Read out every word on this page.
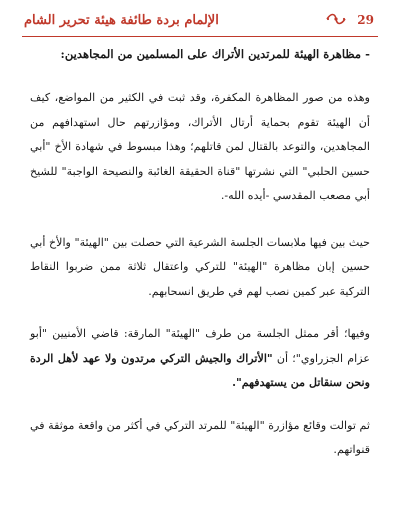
الإلمام بردة طائفة هيئة تحرير الشام	29
- مظاهرة الهيئة للمرتدين الأتراك على المسلمين من المجاهدين:

وهذه من صور المظاهرة المكفرة، وقد ثبت في الكثير من المواضع، كيف أن الهيئة تقوم بحماية أرتال الأتراك، ومؤازرتهم حال استهدافهم من المجاهدين، والتوعد بالقتال لمن قاتلهم؛ وهذا مبسوط في شهادة الأخ "أبي حسين الحلبي" التي نشرتها "قناة الحقيقة الغائبة والنصيحة الواجبة" للشيخ أبي مصعب المقدسي -أيده الله-.

حيث بين فيها ملابسات الجلسة الشرعية التي حصلت بين "الهيئة" والأخ أبي حسين إبان مظاهرة "الهيئة" للتركي واعتقال ثلاثة ممن ضربوا النقاط التركية عبر كمين نصب لهم في طريق انسحابهم.

وفيها؛ أقر ممثل الجلسة من طرف "الهيئة" المارقة: قاضي الأمنيين "أبو عزام الجزراوي"؛ أن "الأتراك والجيش التركي مرتدون ولا عهد لأهل الردة ونحن سنقاتل من يستهدفهم".

ثم توالت وقائع مؤازرة "الهيئة" للمرتد التركي في أكثر من واقعة موثقة في قنواتهم.
